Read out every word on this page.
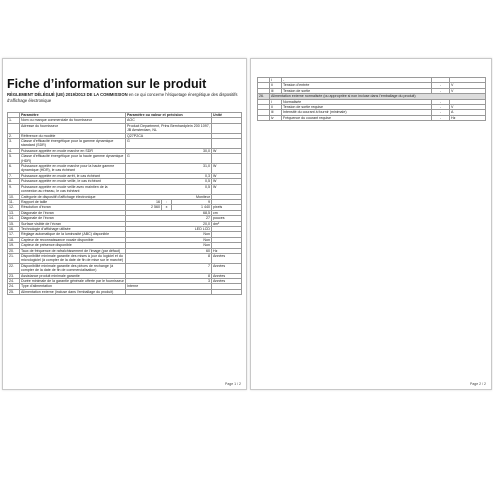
Fiche d’information sur le produit
RÈGLEMENT DÉLÉGUÉ (UE) 2019/2013 DE LA COMMISSION en ce qui concerne l’étiquetage énergétique des dispositifs d’affichage électronique
	Paramètre	Paramètre ou valeur et précision			Unité
1.	Nom ou marque commerciale du fournisseur	AOC			
	Adresse du fournisseur	Product Department, Prins Bernhardplein 200 1097, JB Amsterdam, NL			
2.	Référence du modèle	Q27P2CA			
3.	Classe d’efficacité énergétique pour la gamme dynamique standard (SDR)	G			
4.	Puissance appelée en mode marche en SDR	30,0			W
5.	Classe d’efficacité énergétique pour la haute gamme dynamique (HDR)	G			
6.	Puissance appelée en mode marche pour la haute gamme dynamique (HDR), le cas échéant	31,0			W
7.	Puissance appelée en mode arrêt, le cas échéant	0,3			W
8.	Puissance appelée en mode veille, le cas échéant	0,5			W
9.	Puissance appelée en mode veille avec maintien de la connexion au réseau, le cas échéant	0,5			W
10.	Catégorie de dispositif d’affichage électronique	Moniteur			
11.	Rapport de taille	16	:	9	
12.	Résolution d’écran	2 560	x	1 440	pixels
13.	Diagonale de l’écran	68,5			cm
14.	Diagonale de l’écran	27			pouces
15.	Surface visible de l’écran	20,0			dm²
16.	Technologie d’affichage utilisée	LED LCD			
17.	Réglage automatique de la luminosité (ABC) disponible	Non			
18.	Capteur de reconnaissance vocale disponible	Non			
19.	Capteur de présence disponible	Non			
20.	Taux de fréquence de rafraîchissement de l’image (par défaut)	60			Hz
21.	Disponibilité minimale garantie des mises à jour du logiciel et du micrologiciel (à compter de la date de fin de mise sur le marché)	8			Années
22.	Disponibilité minimale garantie des pièces de rechange (à compter de la date de fin de commercialisation)	7			Années
23.	Assistance produit minimale garantie	8			Années
24.	Durée minimale de la garantie générale offerte par le fournisseur	3			Années
24.	Type d’alimentation	Interne			
25.	Alimentation externe (incluse dans l’emballage du produit)				
Page 1 / 2
	i	-		
	ii	Tension d’entrée	-	V
	iii	Tension de sortie	-	V
26.	Alimentation externe normalisée (ou appropriée si non incluse dans l’emballage du produit)			
	i	Normalisée	-	
	ii	Tension de sortie requise	-	V
	iii	Intensité du courant à fournir (minimale)	-	A
	iv	Fréquence du courant requise	-	Hz
Page 2 / 2
